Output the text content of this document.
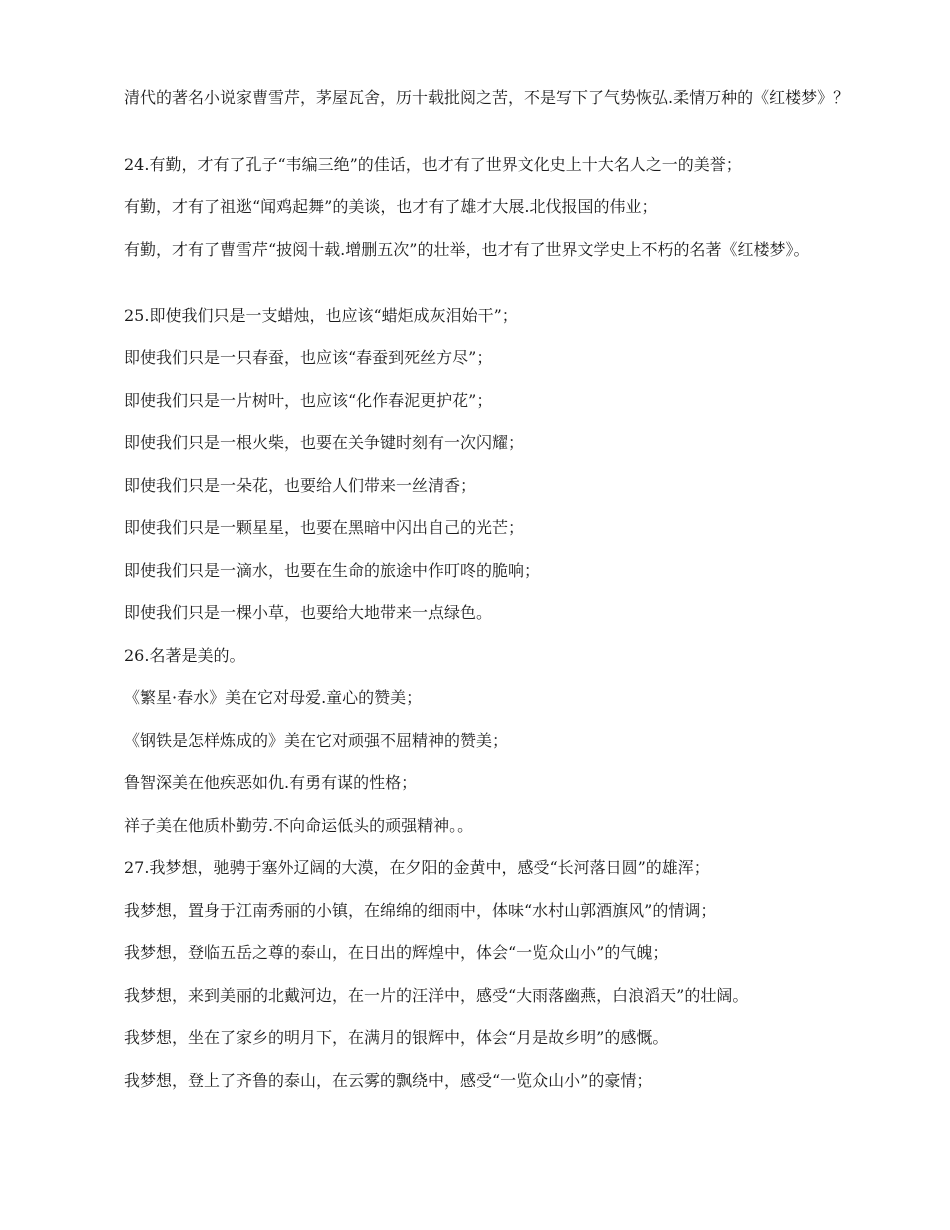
清代的著名小说家曹雪芹，茅屋瓦舍，历十载批阅之苦，不是写下了气势恢弘.柔情万种的《红楼梦》？

24.有勤，才有了孔子“韦编三绝”的佳话，也才有了世界文化史上十大名人之一的美誉；

有勤，才有了祖逖“闻鸡起舞”的美谈，也才有了雄才大展.北伐报国的伟业；

有勤，才有了曹雪芹“披阅十载.增删五次”的壮举，也才有了世界文学史上不朽的名著《红楼梦》。

25.即使我们只是一支蜡烛，也应该“蜡炬成灰泪始干”；

即使我们只是一只春蚕，也应该“春蚕到死丝方尽”；

即使我们只是一片树叶，也应该“化作春泥更护花”；

即使我们只是一根火柴，也要在关争键时刻有一次闪耀；

即使我们只是一朵花，也要给人们带来一丝清香；

即使我们只是一颗星星，也要在黑暗中闪出自己的光芒；

即使我们只是一滴水，也要在生命的旅途中作叮咚的脆响；

即使我们只是一棵小草，也要给大地带来一点绿色。

26.名著是美的。

《繁星·春水》美在它对母爱.童心的赞美；

《钢铁是怎样炼成的》美在它对顽强不屈精神的赞美；

鲁智深美在他疾恶如仇.有勇有谋的性格；

祥子美在他质朴勤劳.不向命运低头的顽强精神。。

27.我梦想，驰骋于塞外辽阔的大漠，在夕阳的金黄中，感受“长河落日圆”的雄浑；

我梦想，置身于江南秀丽的小镇，在绵绵的细雨中，体味“水村山郭酒旗风”的情调；

我梦想，登临五岳之尊的泰山，在日出的辉煌中，体会“一览众山小”的气魄；

我梦想，来到美丽的北戴河边，在一片的汪洋中，感受“大雨落幽燕，白浪滔天”的壮阔。

我梦想，坐在了家乡的明月下，在满月的银辉中，体会“月是故乡明”的感慨。

我梦想，登上了齐鲁的泰山，在云雾的飘绕中，感受“一览众山小”的豪情；
